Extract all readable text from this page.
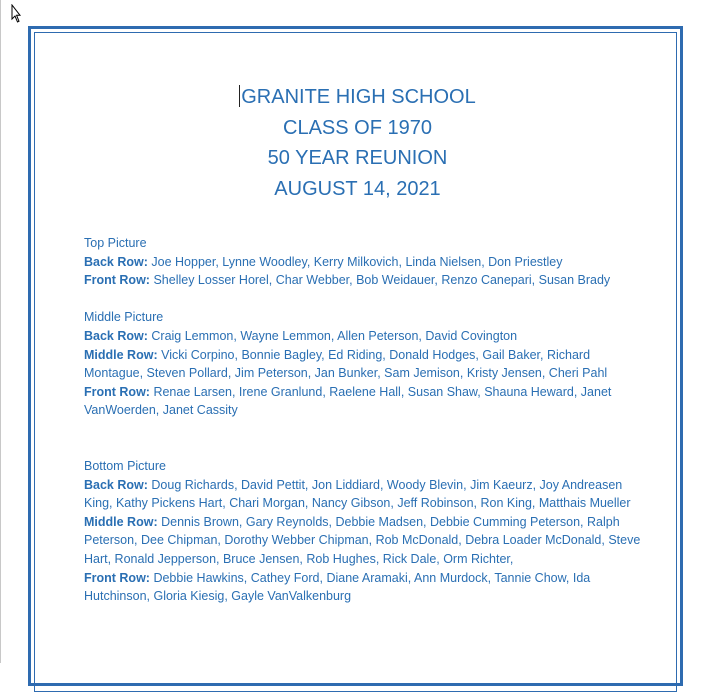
GRANITE HIGH SCHOOL
CLASS OF 1970
50 YEAR REUNION
AUGUST 14, 2021

Top Picture

Back Row: Joe Hopper, Lynne Woodley, Kerry Milkovich, Linda Nielsen, Don Priestley

Front Row: Shelley Losser Horel, Char Webber, Bob Weidauer, Renzo Canepari, Susan Brady

Middle Picture

Back Row: Craig Lemmon, Wayne Lemmon, Allen Peterson, David Covington

Middle Row: Vicki Corpino, Bonnie Bagley, Ed Riding, Donald Hodges, Gail Baker, Richard Montague, Steven Pollard, Jim Peterson, Jan Bunker, Sam Jemison, Kristy Jensen, Cheri Pahl

Front Row: Renae Larsen, Irene Granlund, Raelene Hall, Susan Shaw, Shauna Heward, Janet VanWoerden, Janet Cassity

Bottom Picture

Back Row: Doug Richards, David Pettit, Jon Liddiard, Woody Blevin, Jim Kaeurz, Joy Andreasen King, Kathy Pickens Hart, Chari Morgan, Nancy Gibson, Jeff Robinson, Ron King, Matthais Mueller

Middle Row: Dennis Brown, Gary Reynolds, Debbie Madsen, Debbie Cumming Peterson, Ralph Peterson, Dee Chipman, Dorothy Webber Chipman, Rob McDonald, Debra Loader McDonald, Steve Hart, Ronald Jepperson, Bruce Jensen, Rob Hughes, Rick Dale, Orm Richter,

Front Row: Debbie Hawkins, Cathey Ford, Diane Aramaki, Ann Murdock, Tannie Chow, Ida Hutchinson, Gloria Kiesig, Gayle VanValkenburg
